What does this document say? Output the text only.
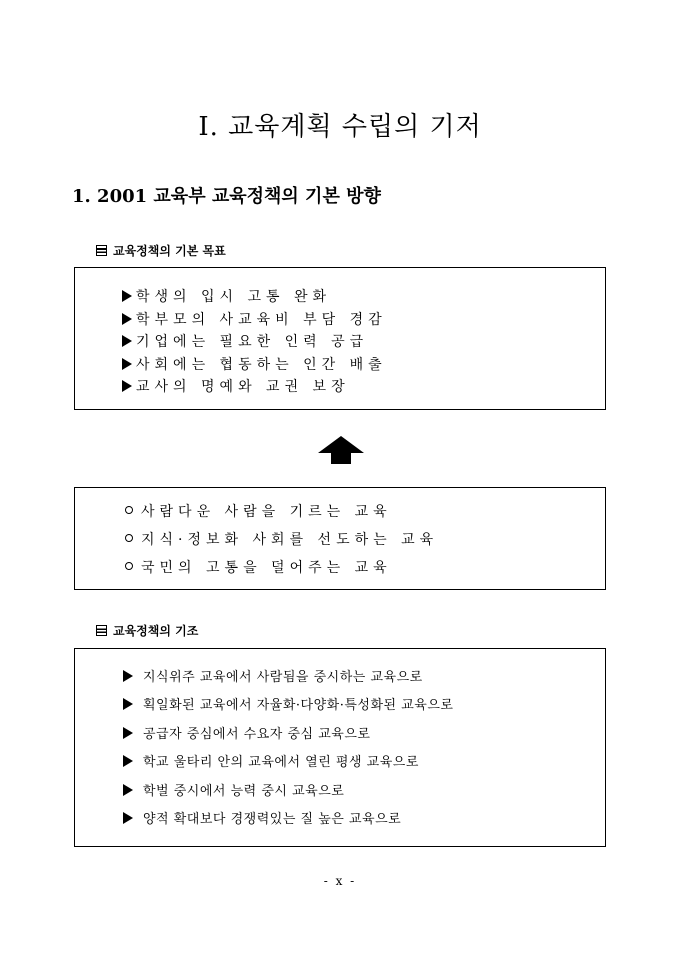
Ⅰ. 교육계획 수립의 기저
1. 2001 교육부 교육정책의 기본 방향
교육정책의 기본 목표
학생의 입시 고통 완화
학부모의 사교육비 부담 경감
기업에는 필요한 인력 공급
사회에는 협동하는 인간 배출
교사의 명예와 교권 보장
사람다운 사람을 기르는 교육
지식·정보화 사회를 선도하는 교육
국민의 고통을 덜어주는 교육
교육정책의 기조
지식위주 교육에서 사람됨을 중시하는 교육으로
획일화된 교육에서 자율화·다양화·특성화된 교육으로
공급자 중심에서 수요자 중심 교육으로
학교 울타리 안의 교육에서 열린 평생 교육으로
학벌 중시에서 능력 중시 교육으로
양적 확대보다 경쟁력있는 질 높은 교육으로
- x -
